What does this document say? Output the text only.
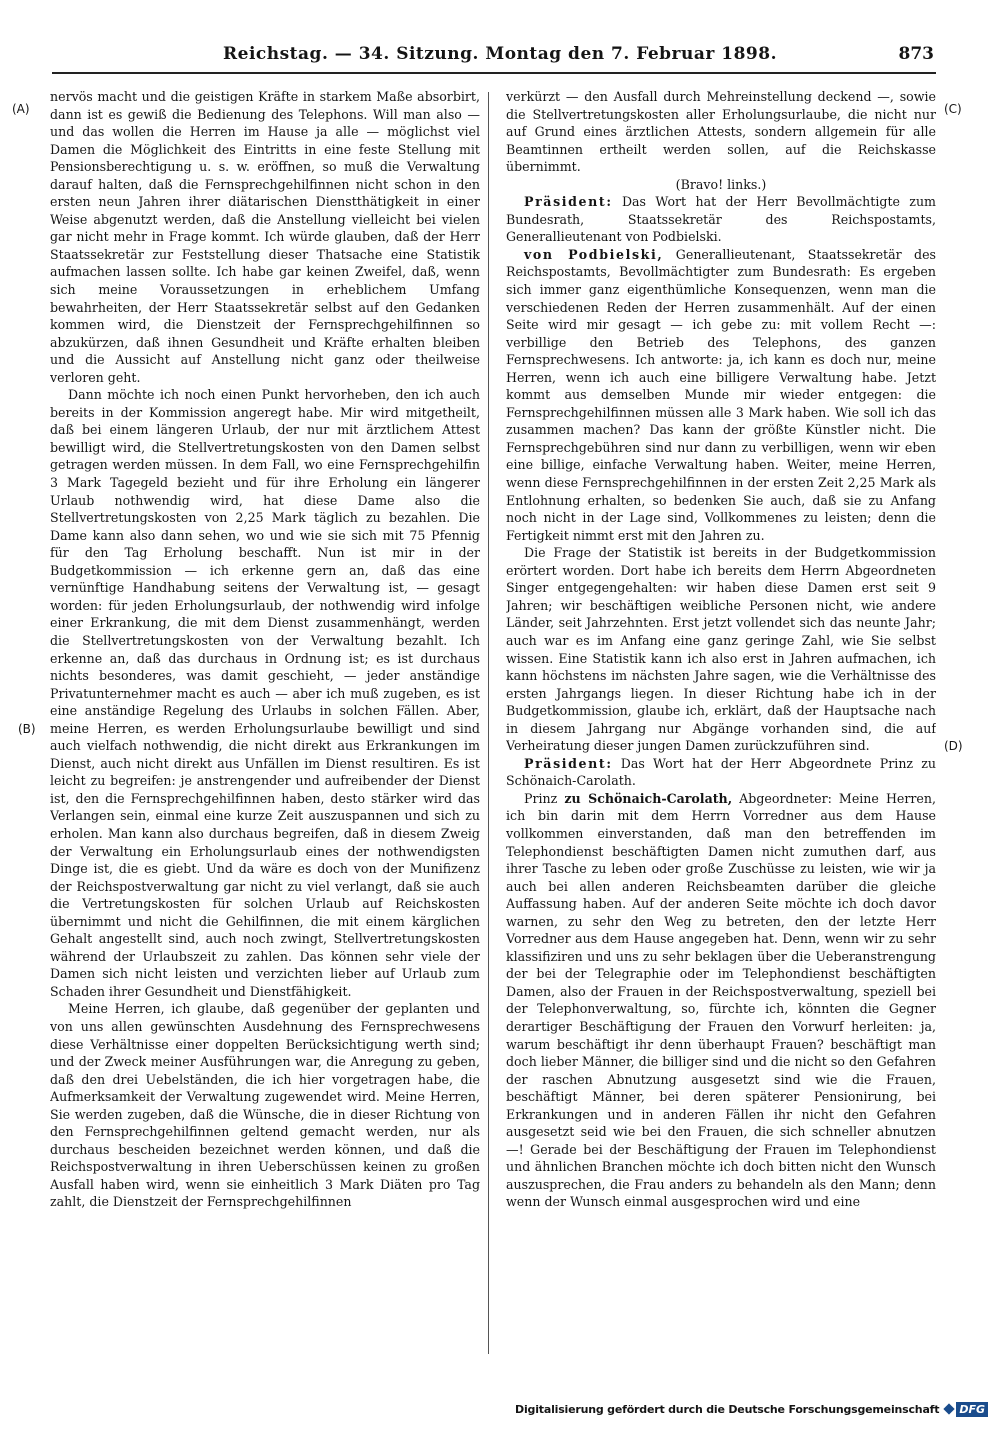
Reichstag. — 34. Sitzung. Montag den 7. Februar 1898.	873
(A)
(B)
(C)
(D)

nervös macht und die geistigen Kräfte in starkem Maße absorbirt, dann ist es gewiß die Bedienung des Telephons. Will man also — und das wollen die Herren im Hause ja alle — möglichst viel Damen die Möglichkeit des Eintritts in eine feste Stellung mit Pensionsberechtigung u. s. w. eröffnen, so muß die Verwaltung darauf halten, daß die Fernsprechgehilfinnen nicht schon in den ersten neun Jahren ihrer diätarischen Dienstthätigkeit in einer Weise abgenutzt werden, daß die Anstellung vielleicht bei vielen gar nicht mehr in Frage kommt. Ich würde glauben, daß der Herr Staatssekretär zur Feststellung dieser Thatsache eine Statistik aufmachen lassen sollte. Ich habe gar keinen Zweifel, daß, wenn sich meine Voraussetzungen in erheblichem Umfang bewahrheiten, der Herr Staatssekretär selbst auf den Gedanken kommen wird, die Dienstzeit der Fernsprechgehilfinnen so abzukürzen, daß ihnen Gesundheit und Kräfte erhalten bleiben und die Aussicht auf Anstellung nicht ganz oder theilweise verloren geht.

Dann möchte ich noch einen Punkt hervorheben, den ich auch bereits in der Kommission angeregt habe. Mir wird mitgetheilt, daß bei einem längeren Urlaub, der nur mit ärztlichem Attest bewilligt wird, die Stellvertretungskosten von den Damen selbst getragen werden müssen. In dem Fall, wo eine Fernsprechgehilfin 3 Mark Tagegeld bezieht und für ihre Erholung ein längerer Urlaub nothwendig wird, hat diese Dame also die Stellvertretungskosten von 2,25 Mark täglich zu bezahlen. Die Dame kann also dann sehen, wo und wie sie sich mit 75 Pfennig für den Tag Erholung beschafft. Nun ist mir in der Budgetkommission — ich erkenne gern an, daß das eine vernünftige Handhabung seitens der Verwaltung ist, — gesagt worden: für jeden Erholungsurlaub, der nothwendig wird infolge einer Erkrankung, die mit dem Dienst zusammenhängt, werden die Stellvertretungskosten von der Verwaltung bezahlt. Ich erkenne an, daß das durchaus in Ordnung ist; es ist durchaus nichts besonderes, was damit geschieht, — jeder anständige Privatunternehmer macht es auch — aber ich muß zugeben, es ist eine anständige Regelung des Urlaubs in solchen Fällen. Aber, meine Herren, es werden Erholungsurlaube bewilligt und sind auch vielfach nothwendig, die nicht direkt aus Erkrankungen im Dienst, auch nicht direkt aus Unfällen im Dienst resultiren. Es ist leicht zu begreifen: je anstrengender und aufreibender der Dienst ist, den die Fernsprechgehilfinnen haben, desto stärker wird das Verlangen sein, einmal eine kurze Zeit auszuspannen und sich zu erholen. Man kann also durchaus begreifen, daß in diesem Zweig der Verwaltung ein Erholungsurlaub eines der nothwendigsten Dinge ist, die es giebt. Und da wäre es doch von der Munifizenz der Reichspostverwaltung gar nicht zu viel verlangt, daß sie auch die Vertretungskosten für solchen Urlaub auf Reichskosten übernimmt und nicht die Gehilfinnen, die mit einem kärglichen Gehalt angestellt sind, auch noch zwingt, Stellvertretungskosten während der Urlaubszeit zu zahlen. Das können sehr viele der Damen sich nicht leisten und verzichten lieber auf Urlaub zum Schaden ihrer Gesundheit und Dienstfähigkeit.

Meine Herren, ich glaube, daß gegenüber der geplanten und von uns allen gewünschten Ausdehnung des Fernsprechwesens diese Verhältnisse einer doppelten Berücksichtigung werth sind; und der Zweck meiner Ausführungen war, die Anregung zu geben, daß den drei Uebelständen, die ich hier vorgetragen habe, die Aufmerksamkeit der Verwaltung zugewendet wird. Meine Herren, Sie werden zugeben, daß die Wünsche, die in dieser Richtung von den Fernsprechgehilfinnen geltend gemacht werden, nur als durchaus bescheiden bezeichnet werden können, und daß die Reichspostverwaltung in ihren Ueberschüssen keinen zu großen Ausfall haben wird, wenn sie einheitlich 3 Mark Diäten pro Tag zahlt, die Dienstzeit der Fernsprechgehilfinnen

verkürzt — den Ausfall durch Mehreinstellung deckend —, sowie die Stellvertretungskosten aller Erholungsurlaube, die nicht nur auf Grund eines ärztlichen Attests, sondern allgemein für alle Beamtinnen ertheilt werden sollen, auf die Reichskasse übernimmt.

(Bravo! links.)

Präsident: Das Wort hat der Herr Bevollmächtigte zum Bundesrath, Staatssekretär des Reichspostamts, Generallieutenant von Podbielski.

von Podbielski, Generallieutenant, Staatssekretär des Reichspostamts, Bevollmächtigter zum Bundesrath: Es ergeben sich immer ganz eigenthümliche Konsequenzen, wenn man die verschiedenen Reden der Herren zusammenhält. Auf der einen Seite wird mir gesagt — ich gebe zu: mit vollem Recht —: verbillige den Betrieb des Telephons, des ganzen Fernsprechwesens. Ich antworte: ja, ich kann es doch nur, meine Herren, wenn ich auch eine billigere Verwaltung habe. Jetzt kommt aus demselben Munde mir wieder entgegen: die Fernsprechgehilfinnen müssen alle 3 Mark haben. Wie soll ich das zusammen machen? Das kann der größte Künstler nicht. Die Fernsprechgebühren sind nur dann zu verbilligen, wenn wir eben eine billige, einfache Verwaltung haben. Weiter, meine Herren, wenn diese Fernsprechgehilfinnen in der ersten Zeit 2,25 Mark als Entlohnung erhalten, so bedenken Sie auch, daß sie zu Anfang noch nicht in der Lage sind, Vollkommenes zu leisten; denn die Fertigkeit nimmt erst mit den Jahren zu.

Die Frage der Statistik ist bereits in der Budgetkommission erörtert worden. Dort habe ich bereits dem Herrn Abgeordneten Singer entgegengehalten: wir haben diese Damen erst seit 9 Jahren; wir beschäftigen weibliche Personen nicht, wie andere Länder, seit Jahrzehnten. Erst jetzt vollendet sich das neunte Jahr; auch war es im Anfang eine ganz geringe Zahl, wie Sie selbst wissen. Eine Statistik kann ich also erst in Jahren aufmachen, ich kann höchstens im nächsten Jahre sagen, wie die Verhältnisse des ersten Jahrgangs liegen. In dieser Richtung habe ich in der Budgetkommission, glaube ich, erklärt, daß der Hauptsache nach in diesem Jahrgang nur Abgänge vorhanden sind, die auf Verheiratung dieser jungen Damen zurückzuführen sind.

Präsident: Das Wort hat der Herr Abgeordnete Prinz zu Schönaich-Carolath.

Prinz zu Schönaich-Carolath, Abgeordneter: Meine Herren, ich bin darin mit dem Herrn Vorredner aus dem Hause vollkommen einverstanden, daß man den betreffenden im Telephondienst beschäftigten Damen nicht zumuthen darf, aus ihrer Tasche zu leben oder große Zuschüsse zu leisten, wie wir ja auch bei allen anderen Reichsbeamten darüber die gleiche Auffassung haben. Auf der anderen Seite möchte ich doch davor warnen, zu sehr den Weg zu betreten, den der letzte Herr Vorredner aus dem Hause angegeben hat. Denn, wenn wir zu sehr klassifiziren und uns zu sehr beklagen über die Ueberanstrengung der bei der Telegraphie oder im Telephondienst beschäftigten Damen, also der Frauen in der Reichspostverwaltung, speziell bei der Telephonverwaltung, so, fürchte ich, könnten die Gegner derartiger Beschäftigung der Frauen den Vorwurf herleiten: ja, warum beschäftigt ihr denn überhaupt Frauen? beschäftigt man doch lieber Männer, die billiger sind und die nicht so den Gefahren der raschen Abnutzung ausgesetzt sind wie die Frauen, beschäftigt Männer, bei deren späterer Pensionirung, bei Erkrankungen und in anderen Fällen ihr nicht den Gefahren ausgesetzt seid wie bei den Frauen, die sich schneller abnutzen —! Gerade bei der Beschäftigung der Frauen im Telephondienst und ähnlichen Branchen möchte ich doch bitten nicht den Wunsch auszusprechen, die Frau anders zu behandeln als den Mann; denn wenn der Wunsch einmal ausgesprochen wird und eine

Digitalisierung gefördert durch die Deutsche Forschungsgemeinschaft DFG
